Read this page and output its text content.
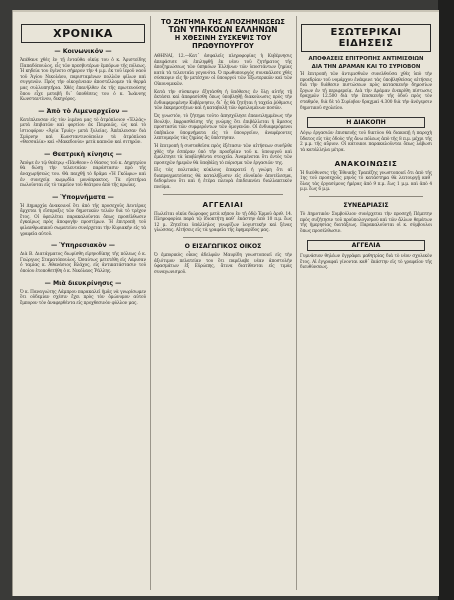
ΧΡΟΝΙΚΑ
— Κοινωνικόν —
Ἀπέθανε χθὲς ἐν τῇ ἐνταῦθα οἰκίᾳ του ὁ κ. Ἀριστείδης Παπαδόπουλος, εἷς τῶν πρεσβυτέρων ἐμπόρων τῆς πόλεως. Ἡ κηδεία του ἐγένετο σήμερον τὴν 4 μ.μ. ἐκ τοῦ ἱεροῦ ναοῦ τοῦ Ἁγίου Νικολάου, παρισταμένων πολλῶν φίλων καὶ συγγενῶν. Πρὸς τὴν οἰκογένειαν ἀποστέλλομεν τὰ θερμά μας συλλυπητήρια. Χθὲς ἐπανῆλθεν ἐκ τῆς πρωτευούσης ὅπου εἶχε μεταβῆ δι᾽ ὑποθέσεις του ὁ κ. Ἰωάννης Κωνσταντίνου, δικηγόρος.
— Ἀπὸ τὸ Λιμεναρχεῖον —
Κατέπλευσαν εἰς τὸν λιμένα μας τὸ ἀτμόπλοιον «Ἑλλάς» μετὰ ἐπιβατῶν καὶ φορτίου ἐκ Πειραιῶς, ὡς καὶ τὸ ἱστιοφόρον «Ἁγία Τριάς» μετὰ ξυλείας. Ἀπέπλευσαν διὰ Σμύρνην καὶ Κωνσταντινούπολιν τὰ ἀτμόπλοια «Θεσσαλία» καὶ «Μακεδονία» μετὰ καπνῶν καὶ σιτηρῶν.
— Θεατρικὴ κίνησις —
Ἀπόψε ἐν τῷ θεάτρῳ «Πάνθεον» ὁ θίασος τοῦ κ. Δημητρίου θὰ δώσῃ τὴν τελευταίαν παράστασιν πρὸ τῆς ἀναχωρήσεώς του. Θὰ παιχθῇ τὸ δρᾶμα «Ἡ Γκόλφω» καὶ ἐν συνεχείᾳ κωμῳδία μονόπρακτος. Τὰ εἰσιτήρια πωλοῦνται εἰς τὸ ταμεῖον τοῦ θεάτρου ἀπὸ τῆς πρωΐας.
— Ὑπομνήματα —
Ἡ Δημαρχία ἀνακοινοῖ ὅτι ἀπὸ τῆς προσεχοῦς Δευτέρας ἄρχεται ἡ εἴσπραξις τῶν δημοτικῶν τελῶν διὰ τὸ τρέχον ἔτος. Οἱ ὀφειλέται παρακαλοῦνται ὅπως προσέλθωσιν ἐγκαίρως πρὸς ἀποφυγὴν προστίμων. Ἡ ἐπιτροπὴ τοῦ φιλανθρωπικοῦ σωματείου συνέρχεται τὴν Κυριακὴν εἰς τὰ γραφεῖα αὐτοῦ.
— Ὑπηρεσιακὸν —
Διὰ Β. Διατάγματος διωρίσθη εἰρηνοδίκης τῆς πόλεως ὁ κ. Γεώργιος Σταματόπουλος. Ὡσαύτως μετετέθη εἰς Λάρισαν ὁ ταμίας κ. Ἀθανάσιος Βλάχος, εἰς ἀντικατάστασιν τοῦ ὁποίου ἐτοποθετήθη ὁ κ. Νικόλαος Ῥάλλης.
— Μιὰ διευκρίνησις —
Ὁ κ. Παναγιώτης Λάμπρου παρακαλεῖ ἡμᾶς νὰ γνωρίσωμεν ὅτι οὐδεμίαν σχέσιν ἔχει πρὸς τὸν ὁμώνυμον αὐτοῦ ἔμπορον τὸν ἀναφερθέντα εἰς προχθεσινὸν φύλλον μας.
ΤΟ ΖΗΤΗΜΑ ΤΗΣ ΑΠΟΖΗΜΙΩΣΕΩΣ
ΤΩΝ ΥΠΗΚΟΩΝ ΕΛΛΗΝΩΝ
Η ΧΘΕΣΙΝΗ ΣΥΣΚΕΨΙΣ ΤΟΥ ΠΡΩΘΥΠΟΥΡΓΟΥ
ΑΘΗΝΑΙ, 12.—Κατ᾽ ἀσφαλεῖς πληροφορίας ἡ Κυβέρνησις ἀπεφάσισε νὰ ἐπιληφθῇ ἐκ νέου τοῦ ζητήματος τῆς ἀποζημιώσεως τῶν ὑπηκόων Ἑλλήνων τῶν ὑποστάντων ζημίας κατὰ τὰ τελευταῖα γεγονότα. Ὁ πρωθυπουργὸς συνεκάλεσε χθὲς σύσκεψιν εἰς ἣν μετέσχον οἱ ὑπουργοὶ τῶν Ἐξωτερικῶν καὶ τῶν Οἰκονομικῶν.
Κατὰ τὴν σύσκεψιν ἐξητάσθη ἡ ὑπόθεσις ἐν ὅλῃ αὐτῆς τῇ ἐκτάσει καὶ ἀπεφασίσθη ὅπως ὑποβληθῇ διακοίνωσις πρὸς τὴν ἐνδιαφερομένην Κυβέρνησιν, δι᾽ ἧς θὰ ζητῆται ἡ ταχεῖα ῥύθμισις τῶν ἐκκρεμοτήτων καὶ ἡ καταβολὴ τῶν ὀφειλομένων ποσῶν.
Ὡς γνωστόν, τὸ ζήτημα τοῦτο ἀπησχόλησε ἐπανειλημμένως τὴν Βουλήν, ἐκφρασθείσης τῆς γνώμης ὅτι ἐπιβάλλεται ἡ ἄμεσος προστασία τῶν συμφερόντων τῶν ὁμογενῶν. Οἱ ἐνδιαφερόμενοι ὑπέβαλον ὑπομνήματα εἰς τὸ ὑπουργεῖον, ἀναφέροντες λεπτομερῶς τὰς ζημίας ἃς ὑπέστησαν.
Ἡ ἐπιτροπὴ ἡ συσταθεῖσα πρὸς ἐξέτασιν τῶν αἰτήσεων συνῆλθε χθὲς τὴν ἑσπέραν ὑπὸ τὴν προεδρίαν τοῦ κ. ὑπουργοῦ καὶ ἐμελέτησε τὰ ὑποβληθέντα στοιχεῖα. Ἀναμένεται ὅτι ἐντὸς τῶν προσεχῶν ἡμερῶν θὰ ὑποβάλῃ τὸ πόρισμα τῶν ἐργασιῶν της.
Εἰς τὰς πολιτικὰς κύκλους ἐπικρατεῖ ἡ γνώμη ὅτι αἱ διαπραγματεύσεις θὰ καταλήξωσιν εἰς εὐνοϊκὸν ἀποτέλεσμα, δεδομένου ὅτι καὶ ἡ ἑτέρα πλευρὰ ἐπιδεικνύει διαλλακτικὸν πνεῦμα.
ΑΓΓΕΛΙΑΙ
Πωλεῖται οἰκία διώροφος μετὰ κήπου ἐν τῇ ὁδῷ Ἐρμοῦ ἀριθ. 14. Πληροφορίαι παρὰ τῷ ἰδιοκτήτῃ καθ᾽ ἑκάστην ἀπὸ 10 π.μ. ἕως 12 μ. Ζητεῖται ὑπάλληλος γνωρίζων λογιστικὴν καὶ ξένας γλώσσας. Αἰτήσεις εἰς τὰ γραφεῖα τῆς ἐφημερίδος μας.
Ο ΕΙΣΑΓΩΓΙΚΟΣ ΟΙΚΟΣ
Ὁ ἐμπορικὸς οἶκος ἀδελφῶν Μαυρίδη γνωστοποιεῖ εἰς τὴν ἀξιότιμον πελατείαν του ὅτι παρέλαβε νέαν ἀποστολὴν ὑφασμάτων ἐξ Εὐρώπης, ἅτινα διατίθενται εἰς τιμὰς συναγωνισμοῦ.
ΕΣΩΤΕΡΙΚΑΙ ΕΙΔΗΣΕΙΣ
ΑΠΟΦΑΣΕΙΣ ΕΠΙΤΡΟΠΗΣ ΑΝΤΙΜΙΣΘΙΩΝ
ΔΙΑ ΤΗΝ ΔΡΑΜΑΝ ΚΑΙ ΤΟ ΣΥΡΙΟΒΟΝ
Ἡ ἐπιτροπὴ τῶν ἀντιμισθιῶν συνελθοῦσα χθὲς ὑπὸ τὴν προεδρίαν τοῦ νομάρχου ἐνέκρινε τὰς ὑποβληθείσας αἰτήσεις διὰ τὴν διάθεσιν πιστώσεων πρὸς κατασκευὴν δημοσίων ἔργων ἐν τῇ περιφερείᾳ. Διὰ τὴν Δράμαν ἐνεκρίθη πίστωσις δραχμῶν 12.500 διὰ τὴν ἐπισκευὴν τῆς ὁδοῦ πρὸς τὸν σταθμόν, διὰ δὲ τὸ Συρίοβον δραχμαὶ 4.300 διὰ τὴν ἀνέγερσιν δημοτικοῦ σχολείου.
Η ΔΙΑΚΟΠΗ
Λόγῳ ἐργασιῶν ἐπισκευῆς τοῦ δικτύου θὰ διακοπῇ ἡ παροχὴ ὕδατος εἰς τὰς ὁδοὺς τῆς ἄνω πόλεως ἀπὸ τῆς 8 π.μ. μέχρι τῆς 2 μ.μ. τῆς αὔριον. Οἱ κάτοικοι παρακαλοῦνται ὅπως λάβωσι τὰ κατάλληλα μέτρα.
ΑΝΑΚΟΙΝΩΣΙΣ
Ἡ διεύθυνσις τῆς Ἐθνικῆς Τραπέζης γνωστοποιεῖ ὅτι ἀπὸ τῆς 1ης τοῦ προσεχοῦς μηνὸς τὸ κατάστημα θὰ λειτουργῇ καθ᾽ ὅλας τὰς ἐργασίμους ἡμέρας ἀπὸ 9 π.μ. ἕως 1 μ.μ. καὶ ἀπὸ 4 μ.μ. ἕως 6 μ.μ.
ΣΥΝΕΔΡΙΑΣΙΣ
Τὸ Δημοτικὸν Συμβούλιον συνέρχεται τὴν προσεχῆ Πέμπτην πρὸς συζήτησιν τοῦ προϋπολογισμοῦ καὶ τῶν ἄλλων θεμάτων τῆς ἡμερησίας διατάξεως. Παρακαλοῦνται οἱ κ. σύμβουλοι ὅπως προσέλθωσιν.
ΑΓΓΕΛΙΑ
Γυμνάσιον θηλέων ἐγγράφει μαθητρίας διὰ τὸ νέον σχολικὸν ἔτος. Αἱ ἐγγραφαὶ γίνονται καθ᾽ ἑκάστην εἰς τὸ γραφεῖον τῆς διευθύνσεως.
